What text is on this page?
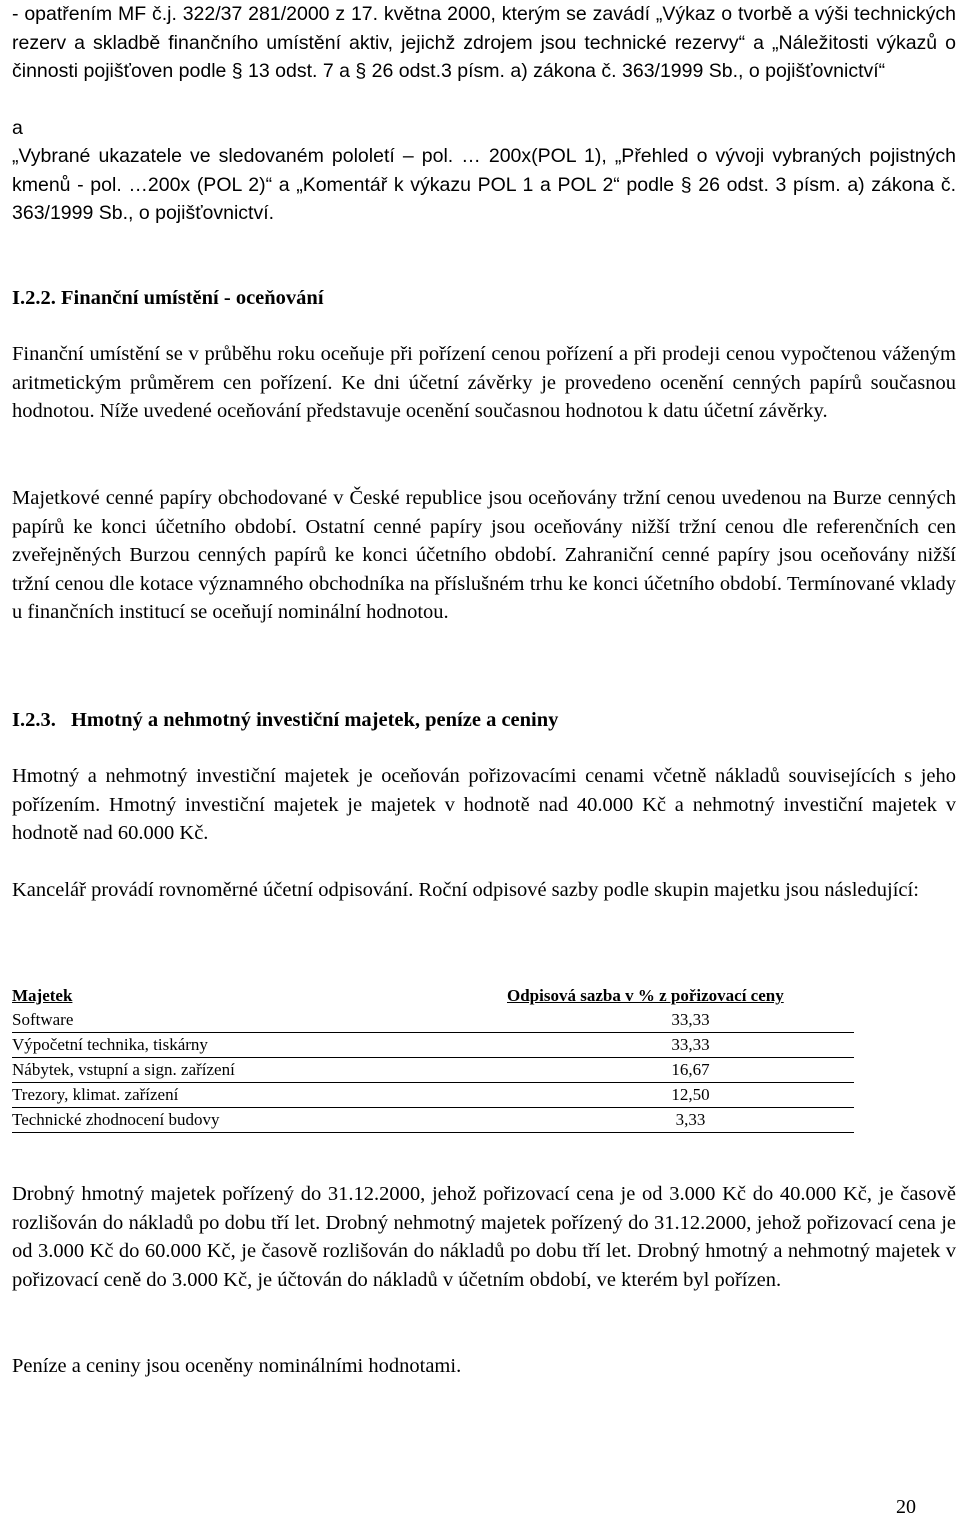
- opatřením MF č.j. 322/37 281/2000 z 17. května 2000, kterým se zavádí „Výkaz o tvorbě a výši technických rezerv a skladbě finančního umístění aktiv, jejichž zdrojem jsou technické rezervy“ a „Náležitosti výkazů o činnosti pojišťoven podle § 13 odst. 7 a § 26 odst.3 písm. a) zákona č. 363/1999 Sb., o pojišťovnictví“

a

„Vybrané ukazatele ve sledovaném pololetí – pol. … 200x(POL 1), „Přehled o vývoji vybraných pojistných kmenů - pol. …200x (POL 2)“ a „Komentář k výkazu POL 1 a POL 2“ podle § 26 odst. 3 písm. a) zákona č. 363/1999 Sb., o pojišťovnictví.

I.2.2. Finanční umístění - oceňování

Finanční umístění se v průběhu roku oceňuje při pořízení cenou pořízení a při prodeji cenou vypočtenou váženým aritmetickým průměrem cen pořízení. Ke dni účetní závěrky je provedeno ocenění cenných papírů současnou hodnotou. Níže uvedené oceňování představuje ocenění současnou hodnotou k datu účetní závěrky.

Majetkové cenné papíry obchodované v České republice jsou oceňovány tržní cenou uvedenou na Burze cenných papírů ke konci účetního období. Ostatní cenné papíry jsou oceňovány nižší tržní cenou dle referenčních cen zveřejněných Burzou cenných papírů ke konci účetního období. Zahraniční cenné papíry jsou oceňovány nižší tržní cenou dle kotace významného obchodníka na příslušném trhu ke konci účetního období. Termínované vklady u finančních institucí se oceňují nominální hodnotou.

I.2.3. Hmotný a nehmotný investiční majetek, peníze a ceniny

Hmotný a nehmotný investiční majetek je oceňován pořizovacími cenami včetně nákladů souvisejících s jeho pořízením. Hmotný investiční majetek je majetek v hodnotě nad 40.000 Kč a nehmotný investiční majetek v hodnotě nad 60.000 Kč.

Kancelář provádí rovnoměrné účetní odpisování. Roční odpisové sazby podle skupin majetku jsou následující:

Majetek	Odpisová sazba v % z pořizovací ceny
Software	33,33
Výpočetní technika, tiskárny	33,33
Nábytek, vstupní a sign. zařízení	16,67
Trezory, klimat. zařízení	12,50
Technické zhodnocení budovy	3,33

Drobný hmotný majetek pořízený do 31.12.2000, jehož pořizovací cena je od 3.000 Kč do 40.000 Kč, je časově rozlišován do nákladů po dobu tří let. Drobný nehmotný majetek pořízený do 31.12.2000, jehož pořizovací cena je od 3.000 Kč do 60.000 Kč, je časově rozlišován do nákladů po dobu tří let. Drobný hmotný a nehmotný majetek v pořizovací ceně do 3.000 Kč, je účtován do nákladů v účetním období, ve kterém byl pořízen.

Peníze a ceniny jsou oceněny nominálními hodnotami.

20
